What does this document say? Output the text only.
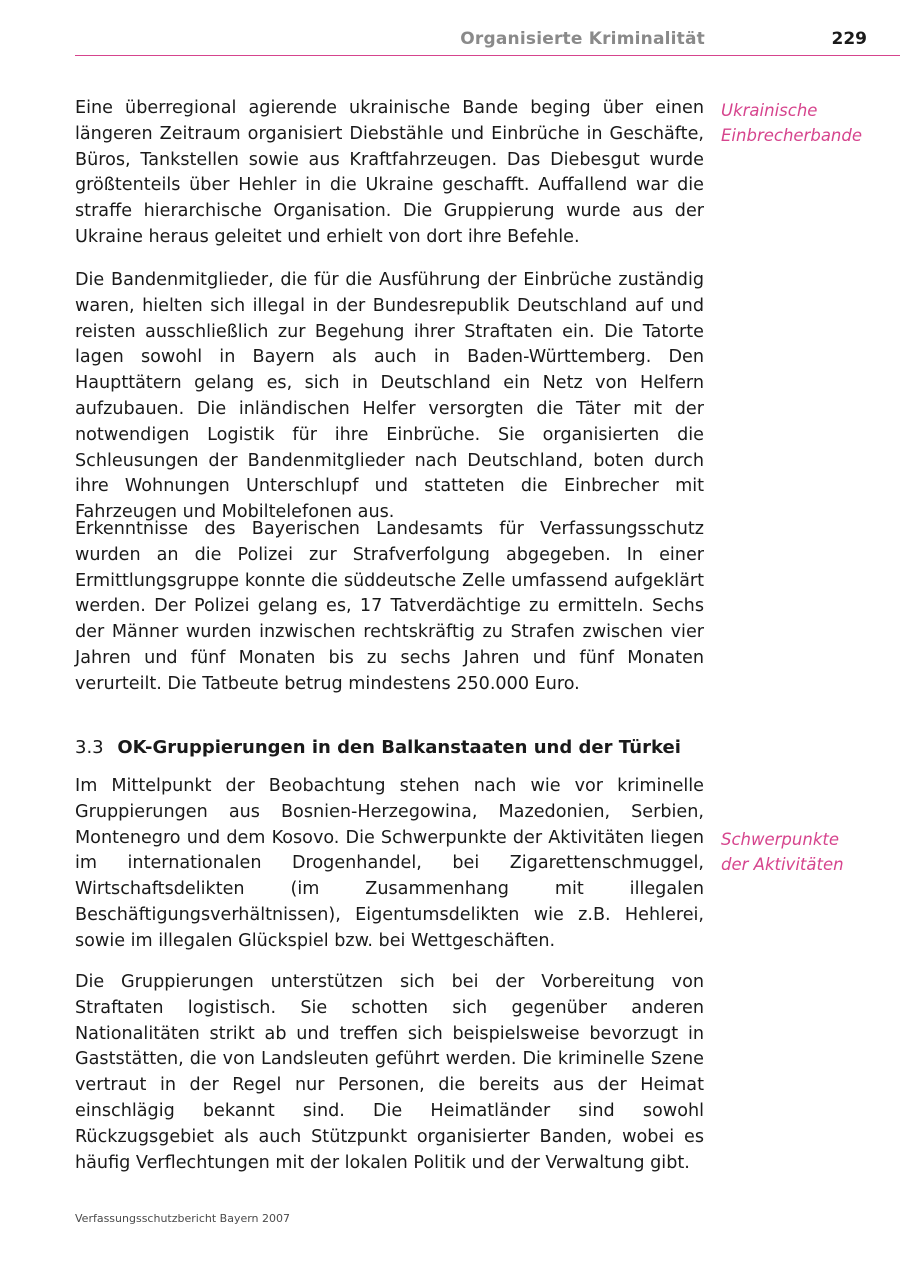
Organisierte Kriminalität	229

Eine überregional agierende ukrainische Bande beging über einen längeren Zeitraum organisiert Diebstähle und Einbrüche in Geschäfte, Büros, Tankstellen sowie aus Kraftfahrzeugen. Das Diebesgut wurde größtenteils über Hehler in die Ukraine geschafft. Auffallend war die straffe hierarchische Organisation. Die Gruppierung wurde aus der Ukraine heraus geleitet und erhielt von dort ihre Befehle.

Ukrainische
Einbrecherbande

Die Bandenmitglieder, die für die Ausführung der Einbrüche zuständig waren, hielten sich illegal in der Bundesrepublik Deutschland auf und reisten ausschließlich zur Begehung ihrer Straftaten ein. Die Tatorte lagen sowohl in Bayern als auch in Baden-Württemberg. Den Haupttätern gelang es, sich in Deutschland ein Netz von Helfern aufzubauen. Die inländischen Helfer versorgten die Täter mit der notwendigen Logistik für ihre Einbrüche. Sie organisierten die Schleusungen der Bandenmitglieder nach Deutschland, boten durch ihre Wohnungen Unterschlupf und statteten die Einbrecher mit Fahrzeugen und Mobiltelefonen aus.

Erkenntnisse des Bayerischen Landesamts für Verfassungsschutz wurden an die Polizei zur Strafverfolgung abgegeben. In einer Ermittlungsgruppe konnte die süddeutsche Zelle umfassend aufgeklärt werden. Der Polizei gelang es, 17 Tatverdächtige zu ermitteln. Sechs der Männer wurden inzwischen rechtskräftig zu Strafen zwischen vier Jahren und fünf Monaten bis zu sechs Jahren und fünf Monaten verurteilt. Die Tatbeute betrug mindestens 250.000 Euro.

3.3 OK-Gruppierungen in den Balkanstaaten und der Türkei

Im Mittelpunkt der Beobachtung stehen nach wie vor kriminelle Gruppierungen aus Bosnien-Herzegowina, Mazedonien, Serbien, Montenegro und dem Kosovo. Die Schwerpunkte der Aktivitäten liegen im internationalen Drogenhandel, bei Zigarettenschmuggel, Wirtschaftsdelikten (im Zusammenhang mit illegalen Beschäftigungsverhältnissen), Eigentumsdelikten wie z.B. Hehlerei, sowie im illegalen Glückspiel bzw. bei Wettgeschäften.

Schwerpunkte
der Aktivitäten

Die Gruppierungen unterstützen sich bei der Vorbereitung von Straftaten logistisch. Sie schotten sich gegenüber anderen Nationalitäten strikt ab und treffen sich beispielsweise bevorzugt in Gaststätten, die von Landsleuten geführt werden. Die kriminelle Szene vertraut in der Regel nur Personen, die bereits aus der Heimat einschlägig bekannt sind. Die Heimatländer sind sowohl Rückzugsgebiet als auch Stützpunkt organisierter Banden, wobei es häufig Verflechtungen mit der lokalen Politik und der Verwaltung gibt.

Verfassungsschutzbericht Bayern 2007
